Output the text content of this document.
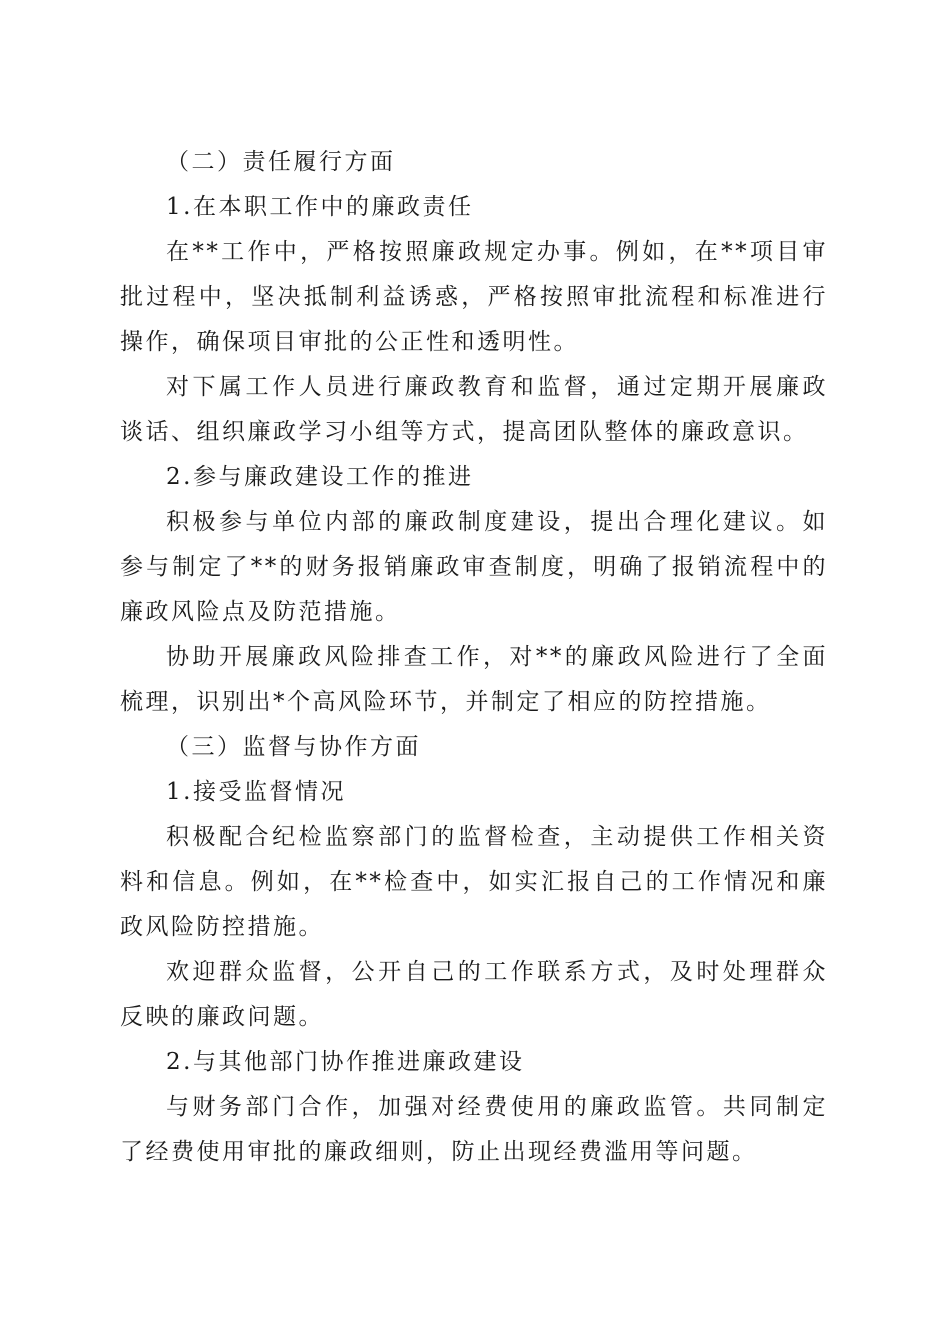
（二）责任履行方面

1.在本职工作中的廉政责任

在**工作中，严格按照廉政规定办事。例如，在**项目审批过程中，坚决抵制利益诱惑，严格按照审批流程和标准进行操作，确保项目审批的公正性和透明性。

对下属工作人员进行廉政教育和监督，通过定期开展廉政谈话、组织廉政学习小组等方式，提高团队整体的廉政意识。

2.参与廉政建设工作的推进

积极参与单位内部的廉政制度建设，提出合理化建议。如参与制定了**的财务报销廉政审查制度，明确了报销流程中的廉政风险点及防范措施。

协助开展廉政风险排查工作，对**的廉政风险进行了全面梳理，识别出*个高风险环节，并制定了相应的防控措施。

（三）监督与协作方面

1.接受监督情况

积极配合纪检监察部门的监督检查，主动提供工作相关资料和信息。例如，在**检查中，如实汇报自己的工作情况和廉政风险防控措施。

欢迎群众监督，公开自己的工作联系方式，及时处理群众反映的廉政问题。

2.与其他部门协作推进廉政建设

与财务部门合作，加强对经费使用的廉政监管。共同制定了经费使用审批的廉政细则，防止出现经费滥用等问题。
